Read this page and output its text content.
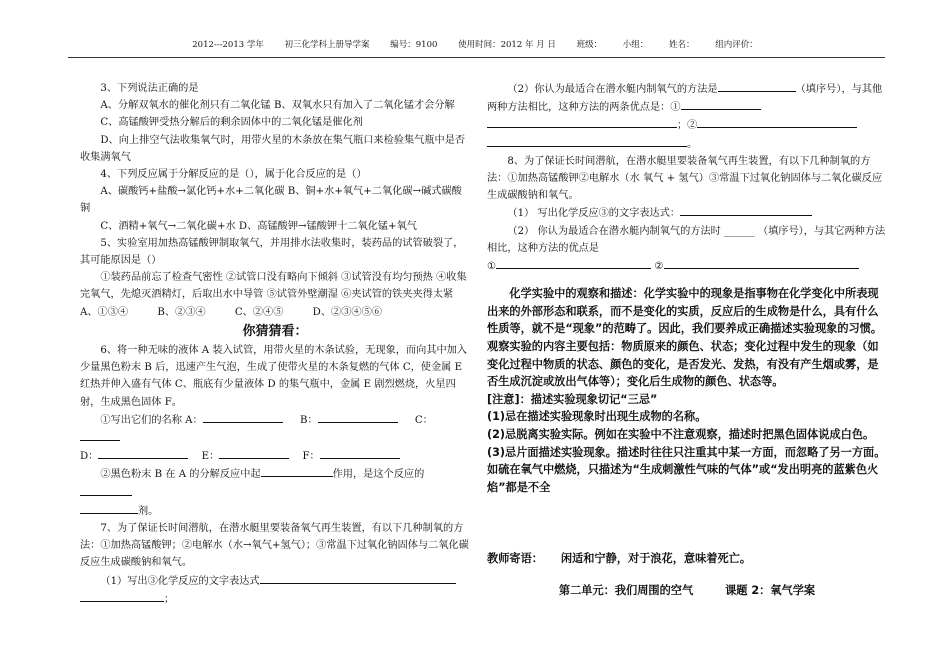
2012---2013 学年 初三化学科上册导学案 编号：9100 使用时间：2012 年 月 日 班级： 小组： 姓名： 组内评价：

3、下列说法正确的是

A、分解双氧水的催化剂只有二氧化锰 B、双氧水只有加入了二氧化锰才会分解

C、高锰酸钾受热分解后的剩余固体中的二氧化锰是催化剂

D、向上排空气法收集氧气时，用带火星的木条放在集气瓶口来检验集气瓶中是否收集满氧气

4、下列反应属于分解反应的是（），属于化合反应的是（）

A、碳酸钙+盐酸→氯化钙+水+二氧化碳 B、铜+水+氧气+二氧化碳→碱式碳酸铜

C、酒精+氧气→二氧化碳+水 D、高锰酸钾→锰酸钾十二氧化锰+氧气

5、实验室用加热高锰酸钾制取氧气，并用排水法收集时，装药品的试管破裂了，其可能原因是（）

①装药品前忘了检查气密性 ②试管口没有略向下倾斜 ③试管没有均匀预热 ④收集完氧气，先熄灭酒精灯，后取出水中导管 ⑤试管外壁潮湿 ⑥夹试管的铁夹夹得太紧

A、①③④	B、②③④	C、②④⑤	D、②③④⑤⑥

你猜猜看：

6、将一种无味的液体 A 装入试管，用带火星的木条试验，无现象，而向其中加入少量黑色粉末 B 后，迅速产生气泡，生成了使带火星的木条复燃的气体 C，使金属 E 红热并伸入盛有气体 C、瓶底有少量液体 D 的集气瓶中，金属 E 剧烈燃烧，火星四射，生成黑色固体 F。

①写出它们的名称 A：	B：	C：

D：	E：	F：

②黑色粉末 B 在 A 的分解反应中起	作用，是这个反应的

剂。

7、为了保证长时间潜航，在潜水艇里要装备氧气再生装置，有以下几种制氧的方法：①加热高锰酸钾；②电解水（水→氧气+氢气）；③常温下过氧化钠固体与二氧化碳反应生成碳酸钠和氧气。

（1）写出③化学反应的文字表达式

；

（2）你认为最适合在潜水艇内制氧气的方法是	（填序号），与其他两种方法相比，这种方法的两条优点是：①

；②

。

8、为了保证长时间潜航，在潜水艇里要装备氧气再生装置，有以下几种制氧的方法：①加热高锰酸钾②电解水（水 氧气 + 氢气）③常温下过氧化钠固体与二氧化碳反应生成碳酸钠和氧气。

（1） 写出化学反应③的文字表达式：

（2） 你认为最适合在潜水艇内制氧气的方法时 ______ （填序号），与其它两种方法相比，这种方法的优点是

①	②

化学实验中的观察和描述：化学实验中的现象是指事物在化学变化中所表现出来的外部形态和联系，而不是变化的实质，反应后的生成物是什么，具有什么性质等，就不是“现象”的范畴了。因此，我们要养成正确描述实验现象的习惯。

观察实验的内容主要包括：物质原来的颜色、状态；变化过程中发生的现象（如变化过程中物质的状态、颜色的变化，是否发光、发热，有没有产生烟或雾，是否生成沉淀或放出气体等）；变化后生成物的颜色、状态等。

[注意]：描述实验现象切记“三忌”

(1)忌在描述实验现象时出现生成物的名称。

(2)忌脱离实验实际。例如在实验中不注意观察，描述时把黑色固体说成白色。

(3)忌片面描述实验现象。描述时往往只注重其中某一方面，而忽略了另一方面。如硫在氧气中燃烧，只描述为“生成刺激性气味的气体”或“发出明亮的蓝紫色火焰”都是不全

教师寄语： 闲适和宁静，对于浪花，意味着死亡。

第二单元：我们周围的空气	课题 2：氧气学案
